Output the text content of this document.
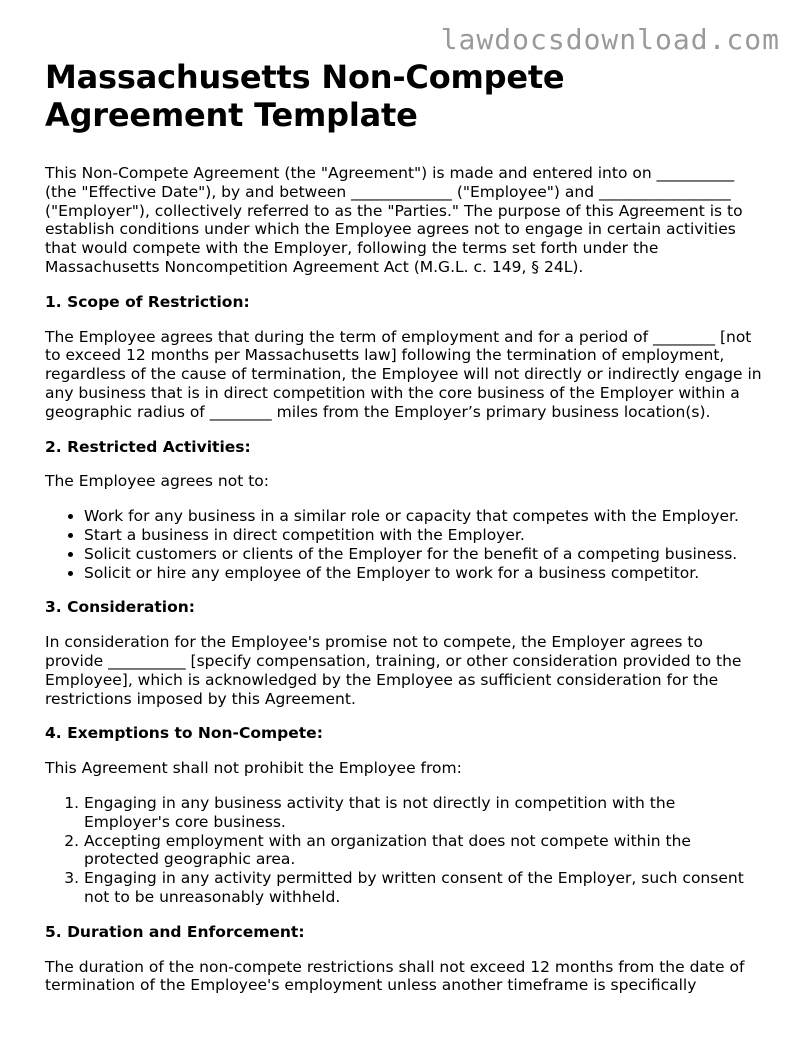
lawdocsdownload.com
Massachusetts Non-Compete Agreement Template

This Non-Compete Agreement (the "Agreement") is made and entered into on __________ (the "Effective Date"), by and between _____________ ("Employee") and _________________ ("Employer"), collectively referred to as the "Parties." The purpose of this Agreement is to establish conditions under which the Employee agrees not to engage in certain activities that would compete with the Employer, following the terms set forth under the Massachusetts Noncompetition Agreement Act (M.G.L. c. 149, § 24L).

1. Scope of Restriction:

The Employee agrees that during the term of employment and for a period of ________ [not to exceed 12 months per Massachusetts law] following the termination of employment, regardless of the cause of termination, the Employee will not directly or indirectly engage in any business that is in direct competition with the core business of the Employer within a geographic radius of ________ miles from the Employer’s primary business location(s).

2. Restricted Activities:

The Employee agrees not to:

• Work for any business in a similar role or capacity that competes with the Employer.
• Start a business in direct competition with the Employer.
• Solicit customers or clients of the Employer for the benefit of a competing business.
• Solicit or hire any employee of the Employer to work for a business competitor.
3. Consideration:

In consideration for the Employee's promise not to compete, the Employer agrees to provide __________ [specify compensation, training, or other consideration provided to the Employee], which is acknowledged by the Employee as sufficient consideration for the restrictions imposed by this Agreement.

4. Exemptions to Non-Compete:

This Agreement shall not prohibit the Employee from:

1. Engaging in any business activity that is not directly in competition with the Employer's core business.
2. Accepting employment with an organization that does not compete within the protected geographic area.
3. Engaging in any activity permitted by written consent of the Employer, such consent not to be unreasonably withheld.
5. Duration and Enforcement:

The duration of the non-compete restrictions shall not exceed 12 months from the date of termination of the Employee's employment unless another timeframe is specifically
